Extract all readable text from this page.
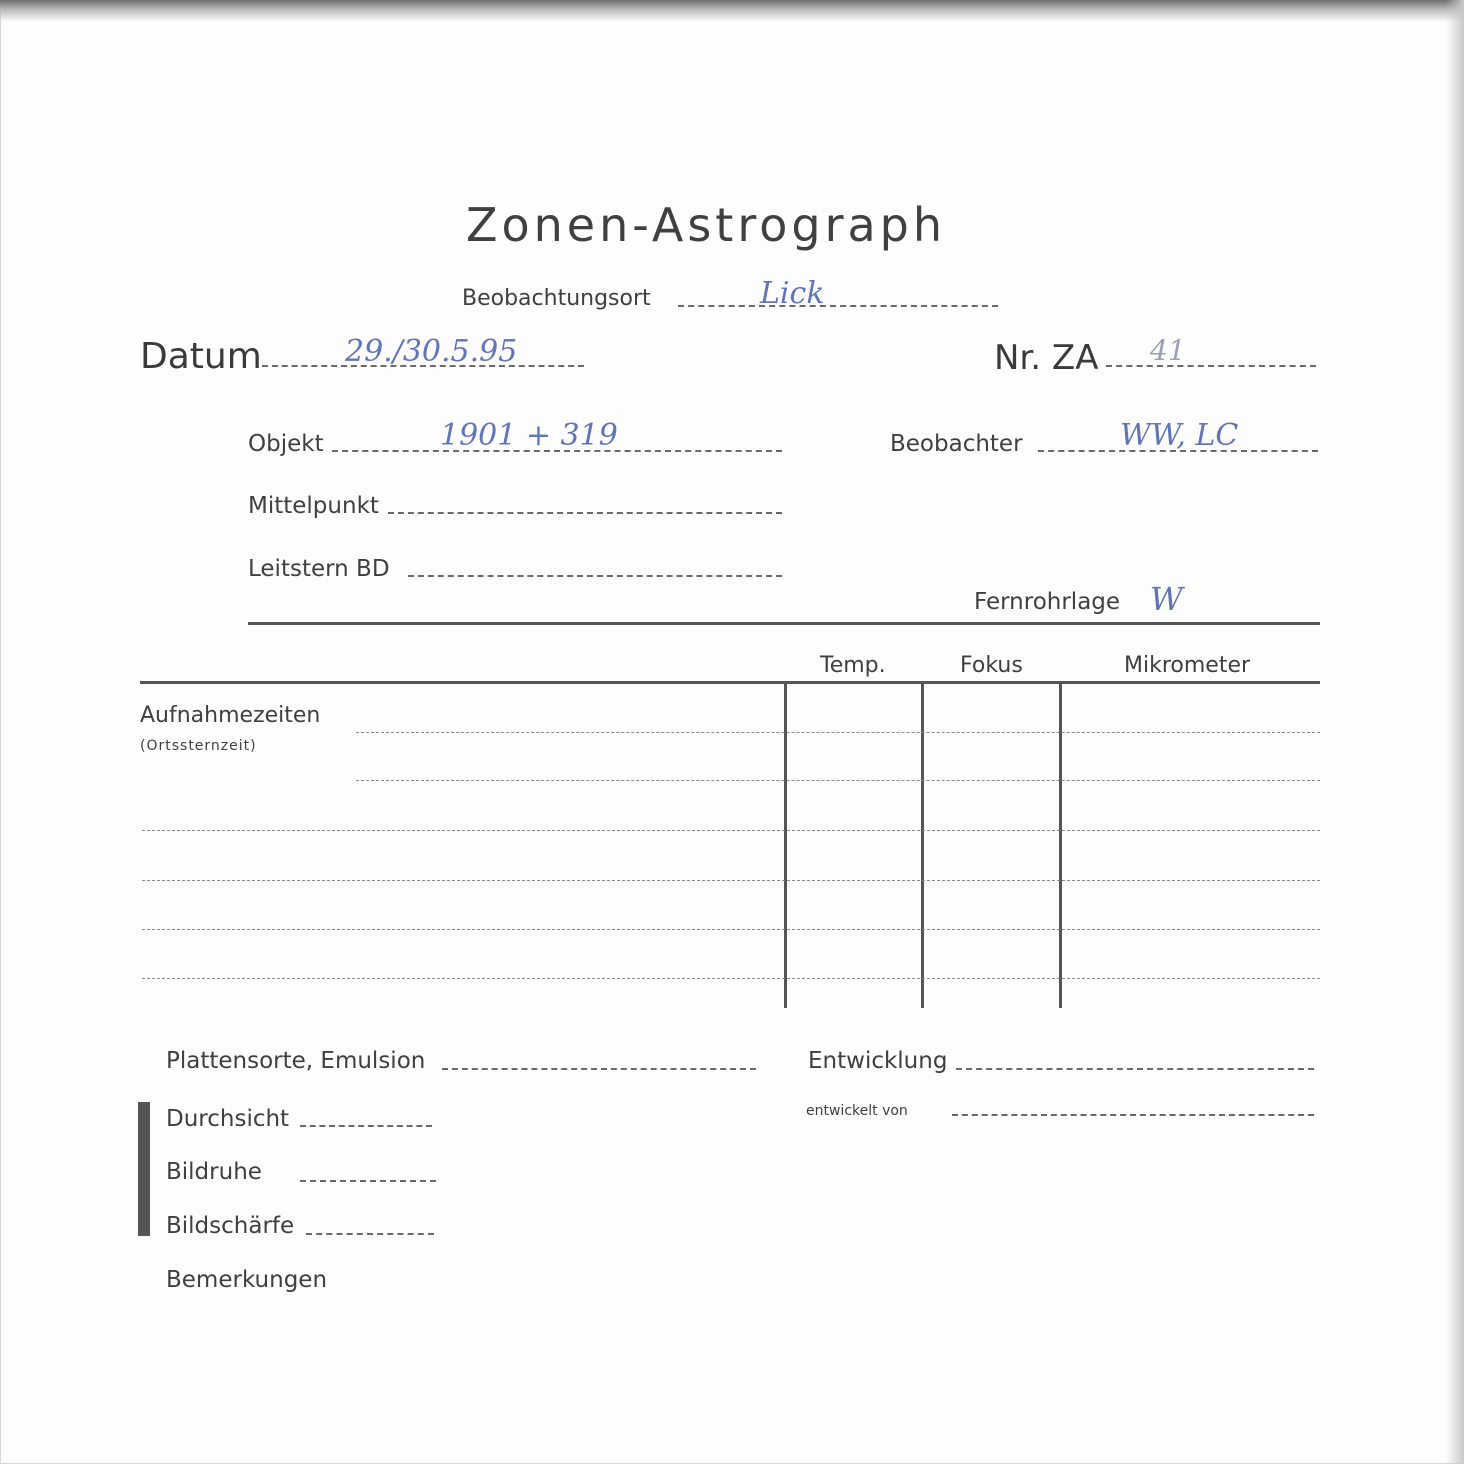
Zonen-Astrograph
Beobachtungsort	Lick
Datum	29./30.5.95	Nr. ZA 41
Objekt	1901 + 319	Beobachter	WW, LC
Mittelpunkt
Leitstern BD
Fernrohrlage W
Temp.	Fokus	Mikrometer
Aufnahmezeiten
(Ortssternzeit)
Plattensorte, Emulsion	Entwicklung
entwickelt von
Durchsicht
Bildruhe
Bildschärfe
Bemerkungen
